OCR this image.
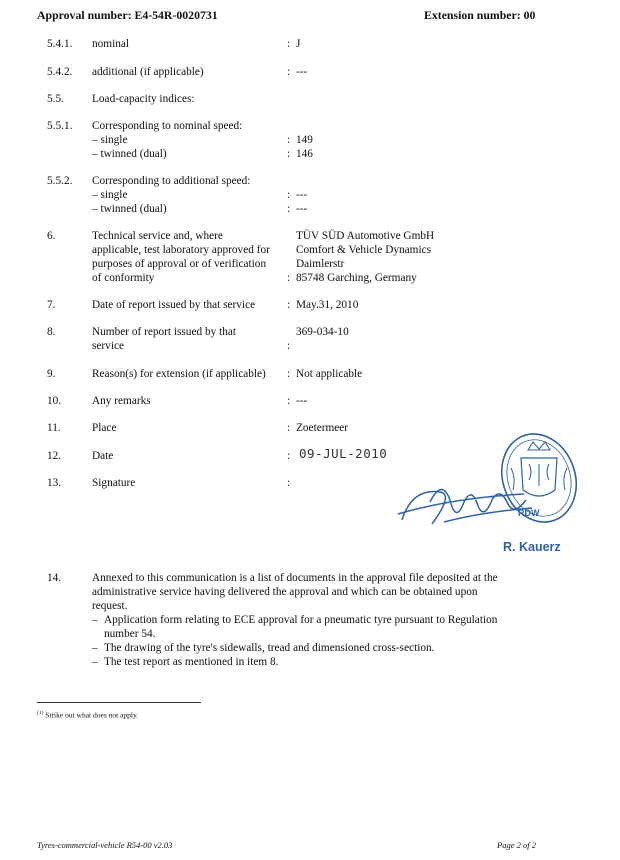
Approval number: E4-54R-0020731	Extension number: 00
5.4.1. nominal	: J
5.4.2. additional (if applicable)	: ---
5.5. Load-capacity indices:
5.5.1. Corresponding to nominal speed:
– single	: 149
– twinned (dual)	: 146
5.5.2. Corresponding to additional speed:
– single	: ---
– twinned (dual)	: ---
6.	Technical service and, where
applicable, test laboratory approved for
purposes of approval or of verification
of conformity
TÜV SÜD Automotive GmbH
Comfort & Vehicle Dynamics
Daimlerstr
: 85748 Garching, Germany
7.	Date of report issued by that service	: May.31, 2010
8.	Number of report issued by that
service
369-034-10
:
9.	Reason(s) for extension (if applicable) : Not applicable
10.	Any remarks	: ---
11.	Place	: Zoetermeer
12.	Date	: 09-JUL-2010
13.	Signature	:
RDW
R. Kauerz
14.	Annexed to this communication is a list of documents in the approval file deposited at the
administrative service having delivered the approval and which can be obtained upon
request.
– Application form relating to ECE approval for a pneumatic tyre pursuant to Regulation
number 54.
– The drawing of the tyre's sidewalls, tread and dimensioned cross-section.
– The test report as mentioned in item 8.
$^{(1)}$ Strike out what does not apply.
Tyres-commercial-vehicle R54-00 v2.03	Page 2 of 2
